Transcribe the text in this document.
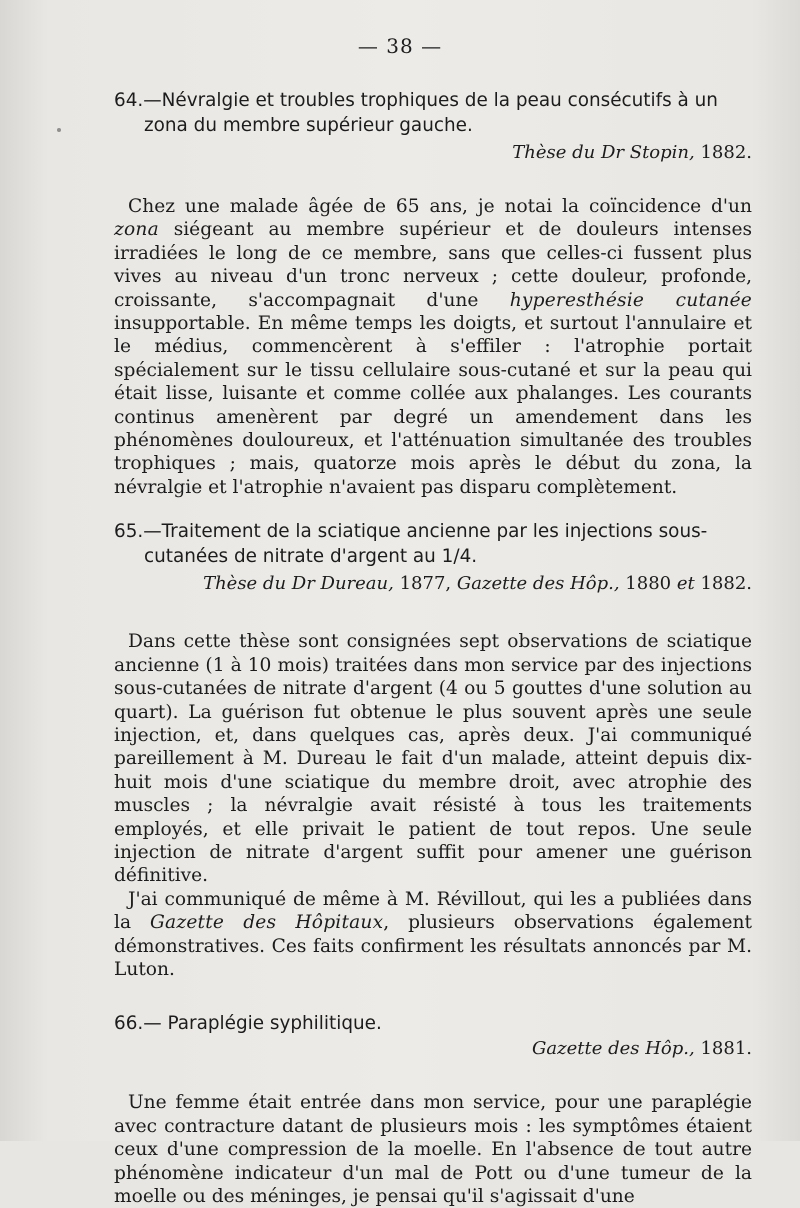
— 38 —

64.—Névralgie et troubles trophiques de la peau consécutifs à un zona du membre supérieur gauche.

Thèse du Dr Stopin, 1882.

Chez une malade âgée de 65 ans, je notai la coïncidence d'un zona siégeant au membre supérieur et de douleurs intenses irradiées le long de ce membre, sans que celles-ci fussent plus vives au niveau d'un tronc nerveux ; cette douleur, profonde, croissante, s'accompagnait d'une hyperesthésie cutanée insupportable. En même temps les doigts, et surtout l'annulaire et le médius, commencèrent à s'effiler : l'atrophie portait spécialement sur le tissu cellulaire sous-cutané et sur la peau qui était lisse, luisante et comme collée aux phalanges. Les courants continus amenèrent par degré un amendement dans les phénomènes douloureux, et l'atténuation simultanée des troubles trophiques ; mais, quatorze mois après le début du zona, la névralgie et l'atrophie n'avaient pas disparu complètement.

65.—Traitement de la sciatique ancienne par les injections sous-cutanées de nitrate d'argent au 1/4.

Thèse du Dr Dureau, 1877, Gazette des Hôp., 1880 et 1882.

Dans cette thèse sont consignées sept observations de sciatique ancienne (1 à 10 mois) traitées dans mon service par des injections sous-cutanées de nitrate d'argent (4 ou 5 gouttes d'une solution au quart). La guérison fut obtenue le plus souvent après une seule injection, et, dans quelques cas, après deux. J'ai communiqué pareillement à M. Dureau le fait d'un malade, atteint depuis dix-huit mois d'une sciatique du membre droit, avec atrophie des muscles ; la névralgie avait résisté à tous les traitements employés, et elle privait le patient de tout repos. Une seule injection de nitrate d'argent suffit pour amener une guérison définitive.

J'ai communiqué de même à M. Révillout, qui les a publiées dans la Gazette des Hôpitaux, plusieurs observations également démonstratives. Ces faits confirment les résultats annoncés par M. Luton.

66.— Paraplégie syphilitique.

Gazette des Hôp., 1881.

Une femme était entrée dans mon service, pour une paraplégie avec contracture datant de plusieurs mois : les symptômes étaient ceux d'une compression de la moelle. En l'absence de tout autre phénomène indicateur d'un mal de Pott ou d'une tumeur de la moelle ou des méninges, je pensai qu'il s'agissait d'une
